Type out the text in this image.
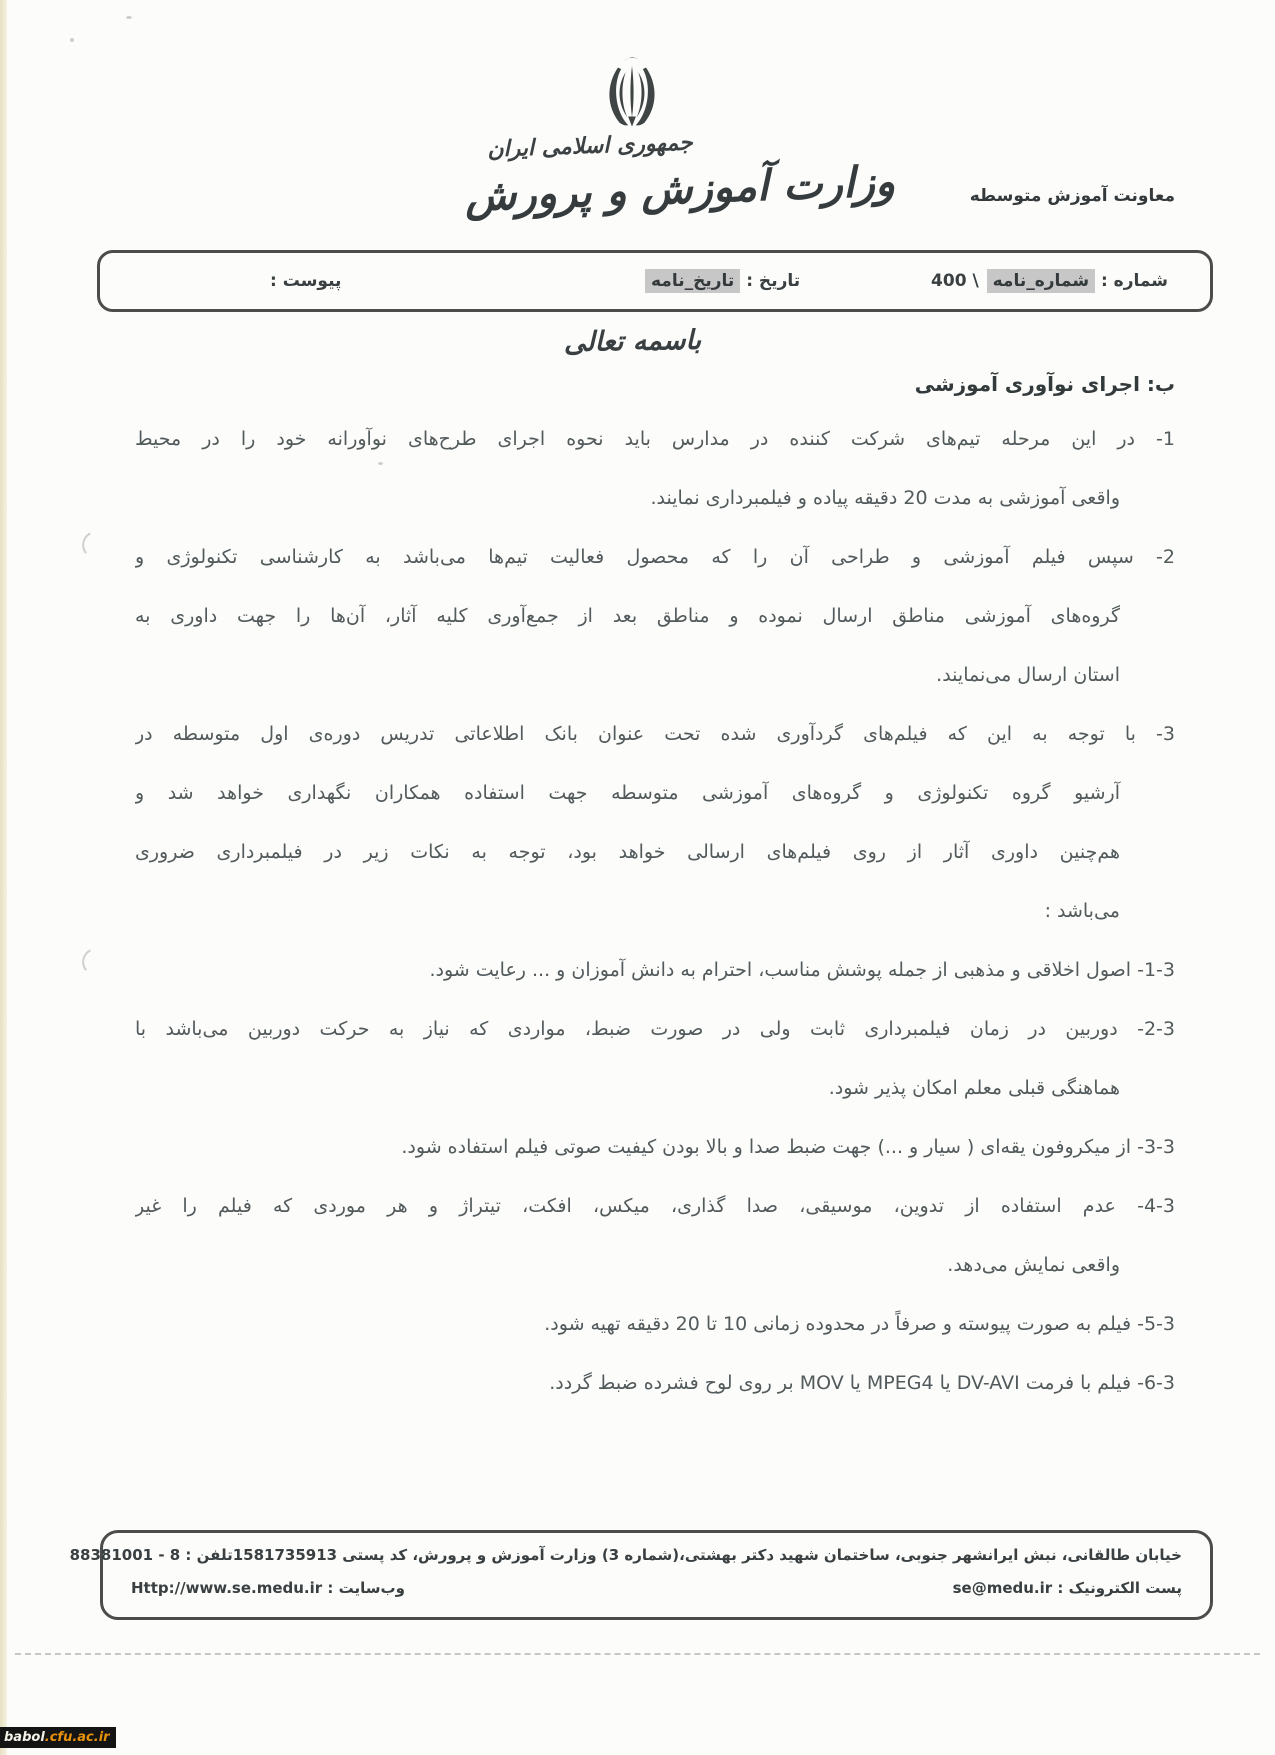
جمهوری اسلامی ایران
وزارت آموزش و پرورش	معاونت آموزش متوسطه
شماره : شماره_نامه \ 400
تاریخ : تاریخ_نامه
پیوست :
باسمه تعالی
ب: اجرای نوآوری آموزشی
1- در این مرحله تیم‌های شرکت کننده در مدارس باید نحوه اجرای طرح‌های نوآورانه خود را در محیط
واقعی آموزشی به مدت 20 دقیقه پیاده و فیلمبرداری نمایند.
2- سپس فیلم آموزشی و طراحی آن را که محصول فعالیت تیم‌ها می‌باشد به کارشناسی تکنولوژی و
گروه‌های آموزشی مناطق ارسال نموده و مناطق بعد از جمع‌آوری کلیه آثار، آن‌ها را جهت داوری به
استان ارسال می‌نمایند.
3- با توجه به این که فیلم‌های گردآوری شده تحت عنوان بانک اطلاعاتی تدریس دوره‌ی اول متوسطه در
آرشیو گروه تکنولوژی و گروه‌های آموزشی متوسطه جهت استفاده همکاران نگهداری خواهد شد و
هم‌چنین داوری آثار از روی فیلم‌های ارسالی خواهد بود، توجه به نکات زیر در فیلمبرداری ضروری
می‌باشد :
3‏-‏1‏- اصول اخلاقی و مذهبی از جمله پوشش مناسب، احترام به دانش آموزان و ... رعایت شود.
3‏-‏2‏- دوربین در زمان فیلمبرداری ثابت ولی در صورت ضبط، مواردی که نیاز به حرکت دوربین می‌باشد با
هماهنگی قبلی معلم امکان پذیر شود.
3‏-‏3‏- از میکروفون یقه‌ای ( سیار و ...) جهت ضبط صدا و بالا بودن کیفیت صوتی فیلم استفاده شود.
3‏-‏4‏- عدم استفاده از تدوین، موسیقی، صدا گذاری، میکس، افکت، تیتراژ و هر موردی که فیلم را غیر
واقعی نمایش می‌دهد.
3‏-‏5‏- فیلم به صورت پیوسته و صرفاً در محدوده زمانی 10 تا 20 دقیقه تهیه شود.
3‏-‏6‏- فیلم با فرمت DV-AVI یا MPEG4 یا MOV بر روی لوح فشرده ضبط گردد.
خیابان طالقانی، نبش ایرانشهر جنوبی، ساختمان شهید دکتر بهشتی،(شماره 3) وزارت آموزش و پرورش، کد پستی 1581735913
تلفن : 8 - 88381001
پست الکترونیک : se@medu.ir
وب‌سایت : Http://www.se.medu.ir
babol .cfu.ac.ir
